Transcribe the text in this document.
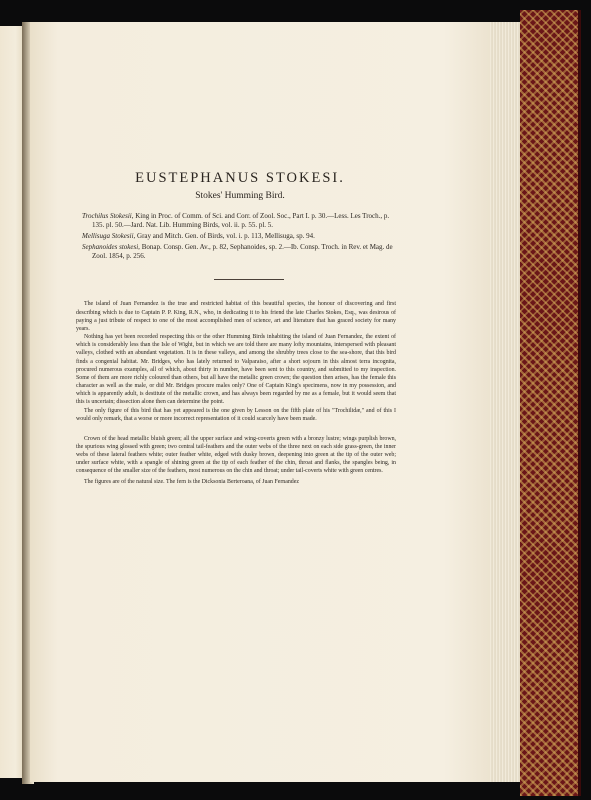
EUSTEPHANUS STOKESI.
Stokes' Humming Bird.
Trochilus Stokesii, King in Proc. of Comm. of Sci. and Corr. of Zool. Soc., Part I. p. 30.—Less. Les Troch., p. 135. pl. 50.—Jard. Nat. Lib. Humming Birds, vol. ii. p. 55. pl. 5.
Mellisuga Stokesii, Gray and Mitch. Gen. of Birds, vol. i. p. 113, Mellisuga, sp. 94.
Sephanoides stokesi, Bonap. Consp. Gen. Av., p. 82, Sephanoides, sp. 2.—Ib. Consp. Troch. in Rev. et Mag. de Zool. 1854, p. 256.

The island of Juan Fernandez is the true and restricted habitat of this beautiful species, the honour of discovering and first describing which is due to Captain P. P. King, R.N., who, in dedicating it to his friend the late Charles Stokes, Esq., was desirous of paying a just tribute of respect to one of the most accomplished men of science, art and literature that has graced society for many years.

Nothing has yet been recorded respecting this or the other Humming Birds inhabiting the island of Juan Fernandez, the extent of which is considerably less than the Isle of Wight, but in which we are told there are many lofty mountains, interspersed with pleasant valleys, clothed with an abundant vegetation. It is in these valleys, and among the shrubby trees close to the sea-shore, that this bird finds a congenial habitat. Mr. Bridges, who has lately returned to Valparaiso, after a short sojourn in this almost terra incognita, procured numerous examples, all of which, about thirty in number, have been sent to this country, and submitted to my inspection. Some of them are more richly coloured than others, but all have the metallic green crown; the question then arises, has the female this character as well as the male, or did Mr. Bridges procure males only? One of Captain King's specimens, now in my possession, and which is apparently adult, is destitute of the metallic crown, and has always been regarded by me as a female, but it would seem that this is uncertain; dissection alone then can determine the point.

The only figure of this bird that has yet appeared is the one given by Lesson on the fifth plate of his "Trochilidæ," and of this I would only remark, that a worse or more incorrect representation of it could scarcely have been made.

Crown of the head metallic bluish green; all the upper surface and wing-coverts green with a bronzy lustre; wings purplish brown, the spurious wing glossed with green; two central tail-feathers and the outer webs of the three next on each side grass-green, the inner webs of these lateral feathers white; outer feather white, edged with dusky brown, deepening into green at the tip of the outer web; under surface white, with a spangle of shining green at the tip of each feather of the chin, throat and flanks, the spangles being, in consequence of the smaller size of the feathers, most numerous on the chin and throat; under tail-coverts white with green centres.

The figures are of the natural size. The fern is the Dicksonia Berteroana, of Juan Fernandez
